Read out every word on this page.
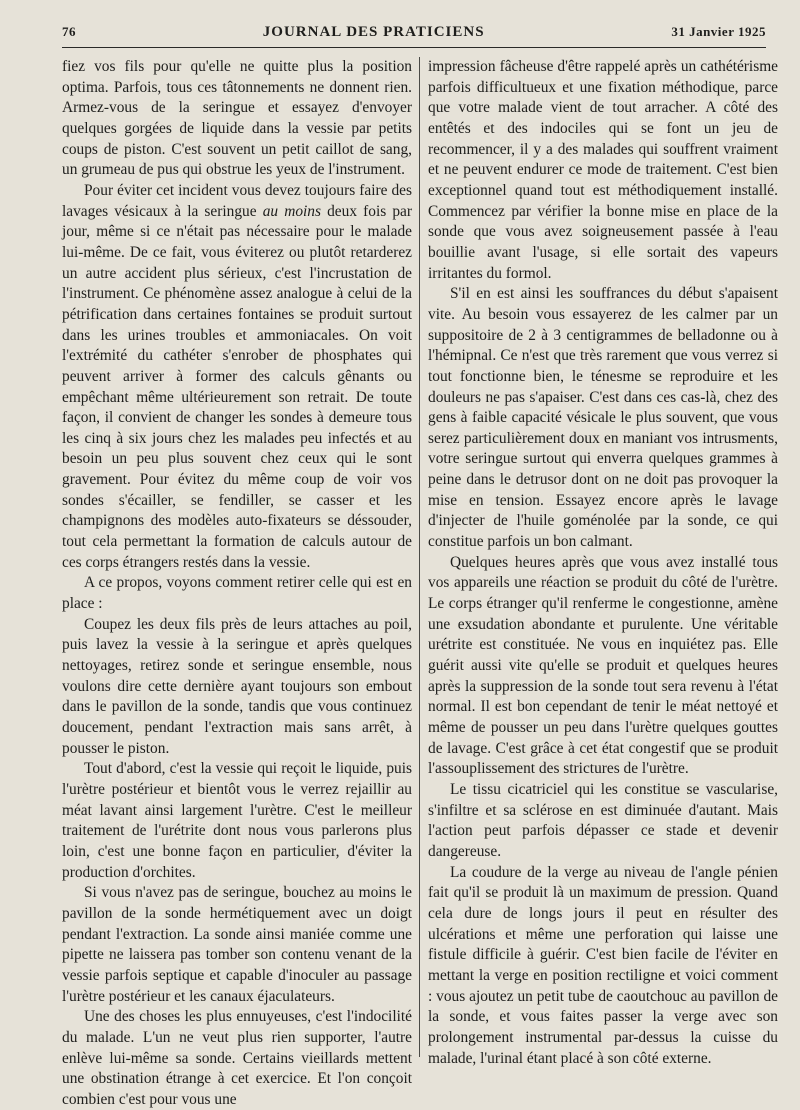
76	JOURNAL DES PRATICIENS	31 Janvier 1925

fiez vos fils pour qu'elle ne quitte plus la position optima. Parfois, tous ces tâtonnements ne donnent rien. Armez-vous de la seringue et essayez d'envoyer quelques gorgées de liquide dans la vessie par petits coups de piston. C'est souvent un petit caillot de sang, un grumeau de pus qui obstrue les yeux de l'instrument.

Pour éviter cet incident vous devez toujours faire des lavages vésicaux à la seringue au moins deux fois par jour, même si ce n'était pas nécessaire pour le malade lui-même. De ce fait, vous éviterez ou plutôt retarderez un autre accident plus sérieux, c'est l'incrustation de l'instrument. Ce phénomène assez analogue à celui de la pétrification dans certaines fontaines se produit surtout dans les urines troubles et ammoniacales. On voit l'extrémité du cathéter s'enrober de phosphates qui peuvent arriver à former des calculs gênants ou empêchant même ultérieurement son retrait. De toute façon, il convient de changer les sondes à demeure tous les cinq à six jours chez les malades peu infectés et au besoin un peu plus souvent chez ceux qui le sont gravement. Pour évitez du même coup de voir vos sondes s'écailler, se fendiller, se casser et les champignons des modèles auto-fixateurs se déssouder, tout cela permettant la formation de calculs autour de ces corps étrangers restés dans la vessie.

A ce propos, voyons comment retirer celle qui est en place :

Coupez les deux fils près de leurs attaches au poil, puis lavez la vessie à la seringue et après quelques nettoyages, retirez sonde et seringue ensemble, nous voulons dire cette dernière ayant toujours son embout dans le pavillon de la sonde, tandis que vous continuez doucement, pendant l'extraction mais sans arrêt, à pousser le piston.

Tout d'abord, c'est la vessie qui reçoit le liquide, puis l'urètre postérieur et bientôt vous le verrez rejaillir au méat lavant ainsi largement l'urètre. C'est le meilleur traitement de l'urétrite dont nous vous parlerons plus loin, c'est une bonne façon en particulier, d'éviter la production d'orchites.

Si vous n'avez pas de seringue, bouchez au moins le pavillon de la sonde hermétiquement avec un doigt pendant l'extraction. La sonde ainsi maniée comme une pipette ne laissera pas tomber son contenu venant de la vessie parfois septique et capable d'inoculer au passage l'urètre postérieur et les canaux éjaculateurs.

Une des choses les plus ennuyeuses, c'est l'indocilité du malade. L'un ne veut plus rien supporter, l'autre enlève lui-même sa sonde. Certains vieillards mettent une obstination étrange à cet exercice. Et l'on conçoit combien c'est pour vous une

impression fâcheuse d'être rappelé après un cathétérisme parfois difficultueux et une fixation méthodique, parce que votre malade vient de tout arracher. A côté des entêtés et des indociles qui se font un jeu de recommencer, il y a des malades qui souffrent vraiment et ne peuvent endurer ce mode de traitement. C'est bien exceptionnel quand tout est méthodiquement installé. Commencez par vérifier la bonne mise en place de la sonde que vous avez soigneusement passée à l'eau bouillie avant l'usage, si elle sortait des vapeurs irritantes du formol.

S'il en est ainsi les souffrances du début s'apaisent vite. Au besoin vous essayerez de les calmer par un suppositoire de 2 à 3 centigrammes de belladonne ou à l'hémipnal. Ce n'est que très rarement que vous verrez si tout fonctionne bien, le ténesme se reproduire et les douleurs ne pas s'apaiser. C'est dans ces cas-là, chez des gens à faible capacité vésicale le plus souvent, que vous serez particulièrement doux en maniant vos intrusments, votre seringue surtout qui enverra quelques grammes à peine dans le detrusor dont on ne doit pas provoquer la mise en tension. Essayez encore après le lavage d'injecter de l'huile goménolée par la sonde, ce qui constitue parfois un bon calmant.

Quelques heures après que vous avez installé tous vos appareils une réaction se produit du côté de l'urètre. Le corps étranger qu'il renferme le congestionne, amène une exsudation abondante et purulente. Une véritable urétrite est constituée. Ne vous en inquiétez pas. Elle guérit aussi vite qu'elle se produit et quelques heures après la suppression de la sonde tout sera revenu à l'état normal. Il est bon cependant de tenir le méat nettoyé et même de pousser un peu dans l'urètre quelques gouttes de lavage. C'est grâce à cet état congestif que se produit l'assouplissement des strictures de l'urètre.

Le tissu cicatriciel qui les constitue se vascularise, s'infiltre et sa sclérose en est diminuée d'autant. Mais l'action peut parfois dépasser ce stade et devenir dangereuse.

La coudure de la verge au niveau de l'angle pénien fait qu'il se produit là un maximum de pression. Quand cela dure de longs jours il peut en résulter des ulcérations et même une perforation qui laisse une fistule difficile à guérir. C'est bien facile de l'éviter en mettant la verge en position rectiligne et voici comment : vous ajoutez un petit tube de caoutchouc au pavillon de la sonde, et vous faites passer la verge avec son prolongement instrumental par-dessus la cuisse du malade, l'urinal étant placé à son côté externe.
